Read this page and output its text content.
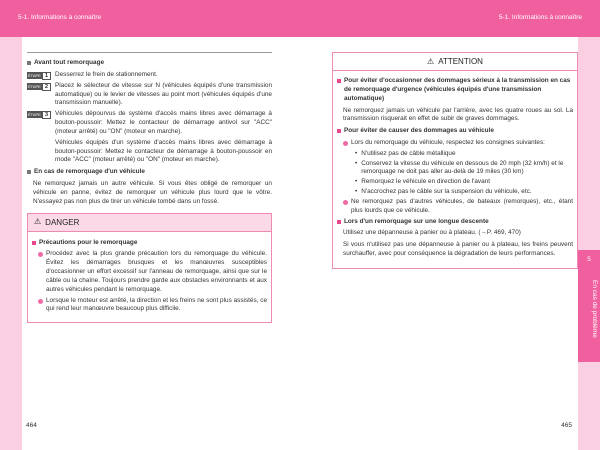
5-1. Informations à connaître	5-1. Informations à connaître
5
En cas de problème
464	465
Avant tout remorquage
ÉTAPE 1	Desserrez le frein de stationnement.
ÉTAPE 2	Placez le sélecteur de vitesse sur N (véhicules équipés d'une transmission automatique) ou le levier de vitesses au point mort (véhicules équipés d'une transmission manuelle).
ÉTAPE 3	Véhicules dépourvus de système d'accès mains libres avec démarrage à bouton-poussoir: Mettez le contacteur de démarrage antivol sur "ACC" (moteur arrêté) ou "ON" (moteur en marche).
Véhicules équipés d'un système d'accès mains libres avec démarrage à bouton-poussoir: Mettez le contacteur de démarrage à bouton-poussoir en mode "ACC" (moteur arrêté) ou "ON" (moteur en marche).
En cas de remorquage d'un véhicule
Ne remorquez jamais un autre véhicule. Si vous êtes obligé de remorquer un véhicule en panne, évitez de remorquer un véhicule plus lourd que le vôtre. N'essayez pas non plus de tirer un véhicule tombé dans un fossé.
⚠ DANGER
Précautions pour le remorquage
Procédez avec la plus grande précaution lors du remorquage du véhicule. Évitez les démarrages brusques et les manœuvres susceptibles d'occasionner un effort excessif sur l'anneau de remorquage, ainsi que sur le câble ou la chaîne. Toujours prendre garde aux obstacles environnants et aux autres véhicules pendant le remorquage.
Lorsque le moteur est arrêté, la direction et les freins ne sont plus assistés, ce qui rend leur manœuvre beaucoup plus difficile.
⚠ ATTENTION
Pour éviter d'occasionner des dommages sérieux à la transmission en cas de remorquage d'urgence (véhicules équipés d'une transmission automatique)
Ne remorquez jamais un véhicule par l'arrière, avec les quatre roues au sol. La transmission risquerait en effet de subir de graves dommages.
Pour éviter de causer des dommages au véhicule
Lors du remorquage du véhicule, respectez les consignes suivantes:
• N'utilisez pas de câble métallique
• Conservez la vitesse du véhicule en dessous de 20 mph (32 km/h) et le remorquage ne doit pas aller au-delà de 19 miles (30 km)
• Remorquez le véhicule en direction de l'avant
• N'accrochez pas le câble sur la suspension du véhicule, etc.
Ne remorquez pas d'autres véhicules, de bateaux (remorques), etc., étant plus lourds que ce véhicule.
Lors d'un remorquage sur une longue descente
Utilisez une dépanneuse à panier ou à plateau. (→P. 469, 470)
Si vous n'utilisez pas une dépanneuse à panier ou à plateau, les freins peuvent surchauffer, avec pour conséquence la dégradation de leurs performances.
